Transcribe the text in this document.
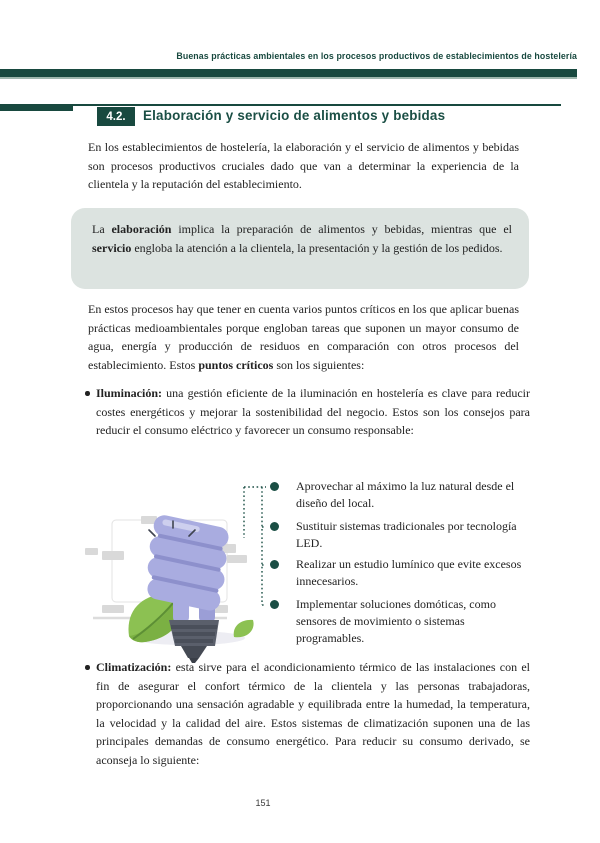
Buenas prácticas ambientales en los procesos productivos de establecimientos de hostelería
4.2.	Elaboración y servicio de alimentos y bebidas
En los establecimientos de hostelería, la elaboración y el servicio de alimentos y bebidas son procesos productivos cruciales dado que van a determinar la experiencia de la clientela y la reputación del establecimiento.
La elaboración implica la preparación de alimentos y bebidas, mientras que el servicio engloba la atención a la clientela, la presentación y la gestión de los pedidos.
En estos procesos hay que tener en cuenta varios puntos críticos en los que aplicar buenas prácticas medioambientales porque engloban tareas que suponen un mayor consumo de agua, energía y producción de residuos en comparación con otros procesos del establecimiento. Estos puntos críticos son los siguientes:
Iluminación: una gestión eficiente de la iluminación en hostelería es clave para reducir costes energéticos y mejorar la sostenibilidad del negocio. Estos son los consejos para reducir el consumo eléctrico y favorecer un consumo responsable:
Aprovechar al máximo la luz natural desde el diseño del local.
Sustituir sistemas tradicionales por tecnología LED.
Realizar un estudio lumínico que evite excesos innecesarios.
Implementar soluciones domóticas, como sensores de movimiento o sistemas programables.
Climatización: esta sirve para el acondicionamiento térmico de las instalaciones con el fin de asegurar el confort térmico de la clientela y las personas trabajadoras, proporcionando una sensación agradable y equilibrada entre la humedad, la temperatura, la velocidad y la calidad del aire. Estos sistemas de climatización suponen una de las principales demandas de consumo energético. Para reducir su consumo derivado, se aconseja lo siguiente:
151
